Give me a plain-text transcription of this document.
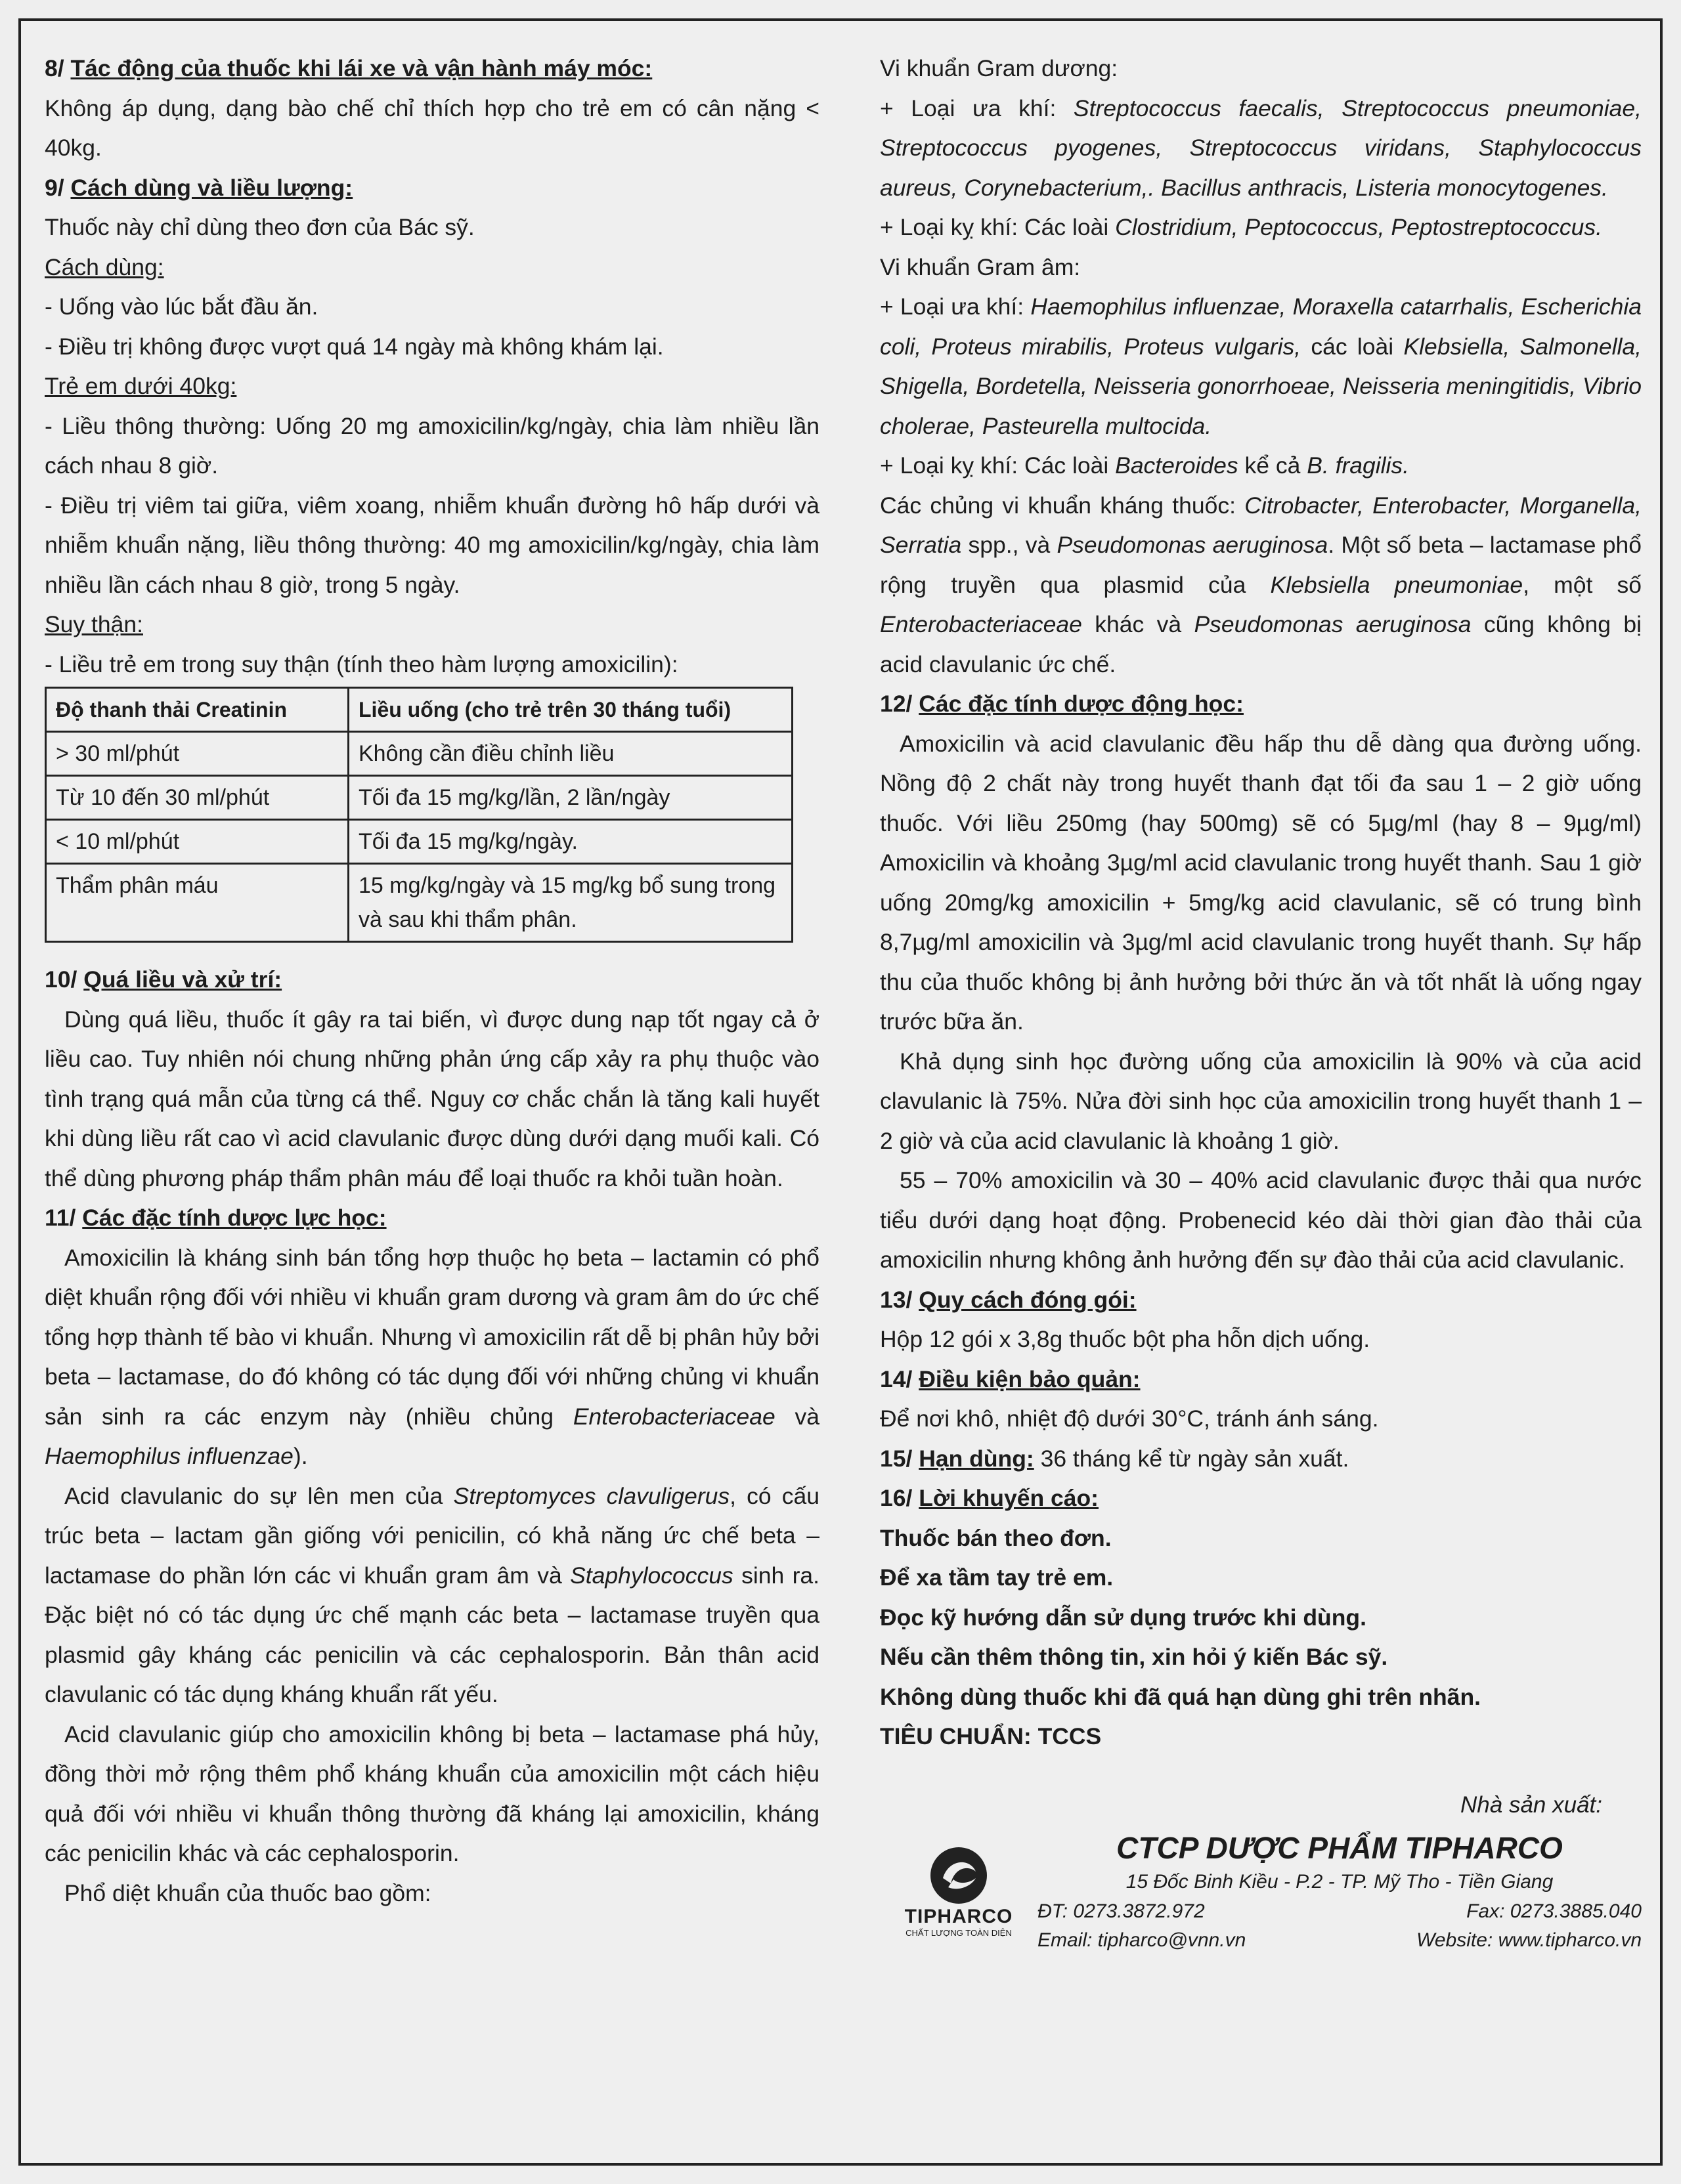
8/ Tác động của thuốc khi lái xe và vận hành máy móc:

Không áp dụng, dạng bào chế chỉ thích hợp cho trẻ em có cân nặng < 40kg.

9/ Cách dùng và liều lượng:

Thuốc này chỉ dùng theo đơn của Bác sỹ.

Cách dùng:

- Uống vào lúc bắt đầu ăn.

- Điều trị không được vượt quá 14 ngày mà không khám lại.

Trẻ em dưới 40kg:

- Liều thông thường: Uống 20 mg amoxicilin/kg/ngày, chia làm nhiều lần cách nhau 8 giờ.

- Điều trị viêm tai giữa, viêm xoang, nhiễm khuẩn đường hô hấp dưới và nhiễm khuẩn nặng, liều thông thường: 40 mg amoxicilin/kg/ngày, chia làm nhiều lần cách nhau 8 giờ, trong 5 ngày.

Suy thận:

- Liều trẻ em trong suy thận (tính theo hàm lượng amoxicilin):

Độ thanh thải Creatinin	Liều uống (cho trẻ trên 30 tháng tuổi)
> 30 ml/phút	Không cần điều chỉnh liều
Từ 10 đến 30 ml/phút	Tối đa 15 mg/kg/lần, 2 lần/ngày
< 10 ml/phút	Tối đa 15 mg/kg/ngày.
Thẩm phân máu	15 mg/kg/ngày và 15 mg/kg bổ sung trong và sau khi thẩm phân.

10/ Quá liều và xử trí:

Dùng quá liều, thuốc ít gây ra tai biến, vì được dung nạp tốt ngay cả ở liều cao. Tuy nhiên nói chung những phản ứng cấp xảy ra phụ thuộc vào tình trạng quá mẫn của từng cá thể. Nguy cơ chắc chắn là tăng kali huyết khi dùng liều rất cao vì acid clavulanic được dùng dưới dạng muối kali. Có thể dùng phương pháp thẩm phân máu để loại thuốc ra khỏi tuần hoàn.

11/ Các đặc tính dược lực học:

Amoxicilin là kháng sinh bán tổng hợp thuộc họ beta – lactamin có phổ diệt khuẩn rộng đối với nhiều vi khuẩn gram dương và gram âm do ức chế tổng hợp thành tế bào vi khuẩn. Nhưng vì amoxicilin rất dễ bị phân hủy bởi beta – lactamase, do đó không có tác dụng đối với những chủng vi khuẩn sản sinh ra các enzym này (nhiều chủng Enterobacteriaceae và Haemophilus influenzae).

Acid clavulanic do sự lên men của Streptomyces clavuligerus, có cấu trúc beta – lactam gần giống với penicilin, có khả năng ức chế beta – lactamase do phần lớn các vi khuẩn gram âm và Staphylococcus sinh ra. Đặc biệt nó có tác dụng ức chế mạnh các beta – lactamase truyền qua plasmid gây kháng các penicilin và các cephalosporin. Bản thân acid clavulanic có tác dụng kháng khuẩn rất yếu.

Acid clavulanic giúp cho amoxicilin không bị beta – lactamase phá hủy, đồng thời mở rộng thêm phổ kháng khuẩn của amoxicilin một cách hiệu quả đối với nhiều vi khuẩn thông thường đã kháng lại amoxicilin, kháng các penicilin khác và các cephalosporin.

Phổ diệt khuẩn của thuốc bao gồm:

Vi khuẩn Gram dương:

+ Loại ưa khí: Streptococcus faecalis, Streptococcus pneumoniae, Streptococcus pyogenes, Streptococcus viridans, Staphylococcus aureus, Corynebacterium,. Bacillus anthracis, Listeria monocytogenes.

+ Loại kỵ khí: Các loài Clostridium, Peptococcus, Peptostreptococcus.

Vi khuẩn Gram âm:

+ Loại ưa khí: Haemophilus influenzae, Moraxella catarrhalis, Escherichia coli, Proteus mirabilis, Proteus vulgaris, các loài Klebsiella, Salmonella, Shigella, Bordetella, Neisseria gonorrhoeae, Neisseria meningitidis, Vibrio cholerae, Pasteurella multocida.

+ Loại kỵ khí: Các loài Bacteroides kể cả B. fragilis.

Các chủng vi khuẩn kháng thuốc: Citrobacter, Enterobacter, Morganella, Serratia spp., và Pseudomonas aeruginosa. Một số beta – lactamase phổ rộng truyền qua plasmid của Klebsiella pneumoniae, một số Enterobacteriaceae khác và Pseudomonas aeruginosa cũng không bị acid clavulanic ức chế.

12/ Các đặc tính dược động học:

Amoxicilin và acid clavulanic đều hấp thu dễ dàng qua đường uống. Nồng độ 2 chất này trong huyết thanh đạt tối đa sau 1 – 2 giờ uống thuốc. Với liều 250mg (hay 500mg) sẽ có 5µg/ml (hay 8 – 9µg/ml) Amoxicilin và khoảng 3µg/ml acid clavulanic trong huyết thanh. Sau 1 giờ uống 20mg/kg amoxicilin + 5mg/kg acid clavulanic, sẽ có trung bình 8,7µg/ml amoxicilin và 3µg/ml acid clavulanic trong huyết thanh. Sự hấp thu của thuốc không bị ảnh hưởng bởi thức ăn và tốt nhất là uống ngay trước bữa ăn.

Khả dụng sinh học đường uống của amoxicilin là 90% và của acid clavulanic là 75%. Nửa đời sinh học của amoxicilin trong huyết thanh 1 – 2 giờ và của acid clavulanic là khoảng 1 giờ.

55 – 70% amoxicilin và 30 – 40% acid clavulanic được thải qua nước tiểu dưới dạng hoạt động. Probenecid kéo dài thời gian đào thải của amoxicilin nhưng không ảnh hưởng đến sự đào thải của acid clavulanic.

13/ Quy cách đóng gói:

Hộp 12 gói x 3,8g thuốc bột pha hỗn dịch uống.

14/ Điều kiện bảo quản:

Để nơi khô, nhiệt độ dưới 30°C, tránh ánh sáng.

15/ Hạn dùng: 36 tháng kể từ ngày sản xuất.

16/ Lời khuyến cáo:

Thuốc bán theo đơn.

Để xa tầm tay trẻ em.

Đọc kỹ hướng dẫn sử dụng trước khi dùng.

Nếu cần thêm thông tin, xin hỏi ý kiến Bác sỹ.

Không dùng thuốc khi đã quá hạn dùng ghi trên nhãn.

TIÊU CHUẨN: TCCS

Nhà sản xuất:
TIPHARCO
CHẤT LƯỢNG TOÀN DIỆN
CTCP DƯỢC PHẨM TIPHARCO
15 Đốc Binh Kiều - P.2 - TP. Mỹ Tho - Tiền Giang
ĐT: 0273.3872.972	Fax: 0273.3885.040
Email: tipharco@vnn.vn	Website: www.tipharco.vn
